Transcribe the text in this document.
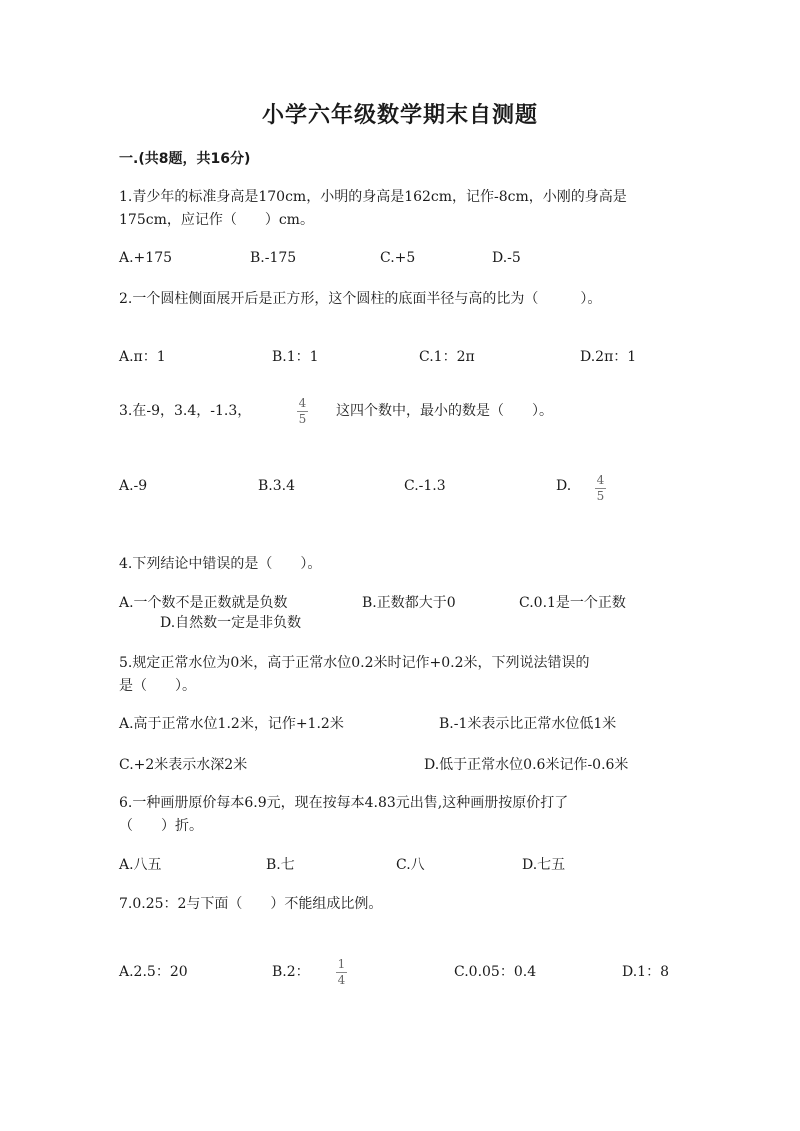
小学六年级数学期末自测题
一.(共8题，共16分)
1.青少年的标准身高是170cm，小明的身高是162cm，记作-8cm，小刚的身高是
175cm，应记作（　　）cm。
A.+175	B.-175	C.+5	D.-5
2.一个圆柱侧面展开后是正方形，这个圆柱的底面半径与高的比为（　　　）。
A.π：1	B.1：1	C.1：2π	D.2π：1
3.在-9，3.4，-1.3，	4
5 这四个数中，最小的数是（　　）。
A.-9	B.3.4	C.-1.3	D. 4
5
4.下列结论中错误的是（　　）。
A.一个数不是正数就是负数	B.正数都大于0	C.0.1是一个正数
D.自然数一定是非负数
5.规定正常水位为0米，高于正常水位0.2米时记作+0.2米，下列说法错误的
是（　　）。
A.高于正常水位1.2米，记作+1.2米	B.-1米表示比正常水位低1米
C.+2米表示水深2米	D.低于正常水位0.6米记作-0.6米
6.一种画册原价每本6.9元，现在按每本4.83元出售,这种画册按原价打了
（　　）折。
A.八五	B.七	C.八	D.七五
7.0.25：2与下面（　　）不能组成比例。
A.2.5：20	B.2： 1
4	C.0.05：0.4	D.1：8
